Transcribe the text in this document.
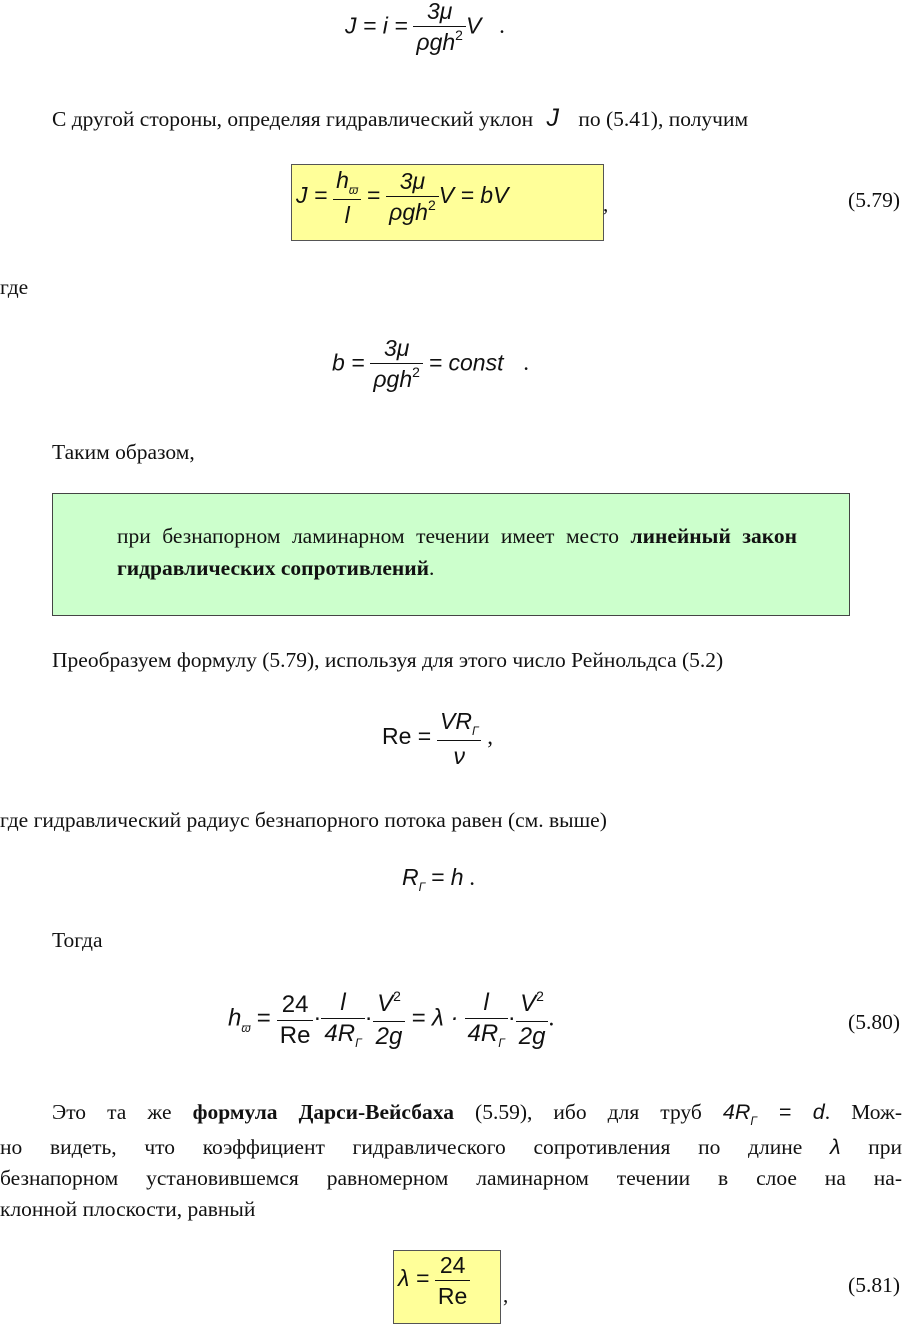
$J = i = \frac{3\mu}{\rho gh^2}$ V .
С другой стороны, определяя гидравлический уклон J по (5.41), получим
$J = \frac{h_ϖ}{l} = \frac{3\mu}{\rho gh^2}$ V = bV	,	(5.79)
где
$b = \frac{3\mu}{\rho gh^2}$ = const .
Таким образом,
при безнапорном ламинарном течении имеет место линейный закон гидравлических сопротивлений.
Преобразуем формулу (5.79), используя для этого число Рейнольдса (5.2)
$Re = \frac{VR_Г}{\nu}$ ,
где гидравлический радиус безнапорного потока равен (см. выше)
$R_Г = h$ .
Тогда
$h_ϖ = \frac{24}{Re} \cdot \frac{l}{4R_Г} \cdot \frac{V^2}{2g} = \lambda \cdot \frac{l}{4R_Г} \cdot \frac{V^2}{2g}$ .	(5.80)
Это та же формула Дарси-Вейсбаха (5.59), ибо для труб $4R_Г = d$. Мож-
но видеть, что коэффициент гидравлического сопротивления по длине λ при
безнапорном установившемся равномерном ламинарном течении в слое на на-
клонной плоскости, равный
$\lambda = \frac{24}{Re}$ ,	(5.81)
